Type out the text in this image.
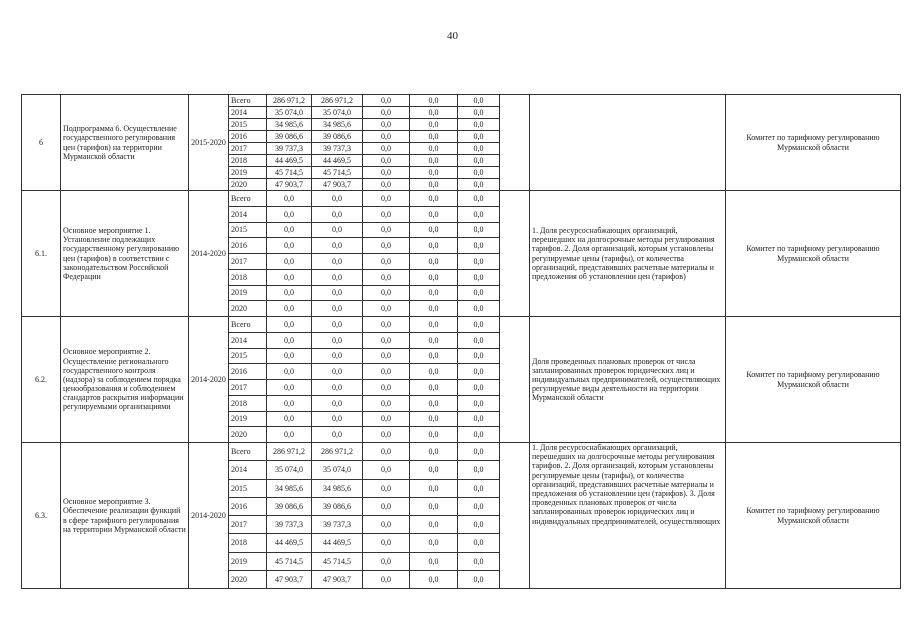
40
6	Подпрограмма 6. Осуществление государственного регулирования цен (тарифов) на территории Мурманской области	2015-2020	Всего	286 971,2	286 971,2	0,0	0,0	0,0			Комитет по тарифному регулированию Мурманской области

			2014	35 074,0	35 074,0	0,0	0,0	0,0			
			2015	34 985,6	34 985,6	0,0	0,0	0,0			
			2016	39 086,6	39 086,6	0,0	0,0	0,0			
			2017	39 737,3	39 737,3	0,0	0,0	0,0			
			2018	44 469,5	44 469,5	0,0	0,0	0,0			
			2019	45 714,5	45 714,5	0,0	0,0	0,0			
			2020	47 903,7	47 903,7	0,0	0,0	0,0			
6.1.	Основное мероприятие 1. Установление подлежащих государственному регулированию цен (тарифов) в соответствии с законодательством Российской Федерации	2014-2020	Всего	0,0	0,0	0,0	0,0	0,0		1. Доля ресурсоснабжающих организаций, перешедших на долгосрочные методы регулирования тарифов. 2. Доля организаций, которым установлены регулируемые цены (тарифы), от количества организаций, представивших расчетные материалы и предложения об установлении цен (тарифов)	Комитет по тарифному регулированию Мурманской области

			2014	0,0	0,0	0,0	0,0	0,0			
			2015	0,0	0,0	0,0	0,0	0,0			
			2016	0,0	0,0	0,0	0,0	0,0			
			2017	0,0	0,0	0,0	0,0	0,0			
			2018	0,0	0,0	0,0	0,0	0,0			
			2019	0,0	0,0	0,0	0,0	0,0			
			2020	0,0	0,0	0,0	0,0	0,0			
6.2.	Основное мероприятие 2. Осуществление регионального государственного контроля (надзора) за соблюдением порядка ценообразования и соблюдением стандартов раскрытия информации регулируемыми организациями	2014-2020	Всего	0,0	0,0	0,0	0,0	0,0		Доля проведенных плановых проверок от числа запланированных проверок юридических лиц и индивидуальных предпринимателей, осуществляющих регулируемые виды деятельности на территории Мурманской области	Комитет по тарифному регулированию Мурманской области

			2014	0,0	0,0	0,0	0,0	0,0			
			2015	0,0	0,0	0,0	0,0	0,0			
			2016	0,0	0,0	0,0	0,0	0,0			
			2017	0,0	0,0	0,0	0,0	0,0			
			2018	0,0	0,0	0,0	0,0	0,0			
			2019	0,0	0,0	0,0	0,0	0,0			
			2020	0,0	0,0	0,0	0,0	0,0			
6.3.	Основное мероприятие 3. Обеспечение реализации функций в сфере тарифного регулирования на территории Мурманской области	2014-2020	Всего	286 971,2	286 971,2	0,0	0,0	0,0		1. Доля ресурсоснабжающих организаций, перешедших на долгосрочные методы регулирования тарифов. 2. Доля организаций, которым установлены регулируемые цены (тарифы), от количества организаций, представивших расчетные материалы и предложения об установлении цен (тарифов). 3. Доля проведенных плановых проверок от числа запланированных проверок юридических лиц и индивидуальных предпринимателей, осуществляющих	Комитет по тарифному регулированию Мурманской области

			2014	35 074,0	35 074,0	0,0	0,0	0,0			
			2015	34 985,6	34 985,6	0,0	0,0	0,0			
			2016	39 086,6	39 086,6	0,0	0,0	0,0			
			2017	39 737,3	39 737,3	0,0	0,0	0,0			
			2018	44 469,5	44 469,5	0,0	0,0	0,0			
			2019	45 714,5	45 714,5	0,0	0,0	0,0			
			2020	47 903,7	47 903,7	0,0	0,0	0,0			
